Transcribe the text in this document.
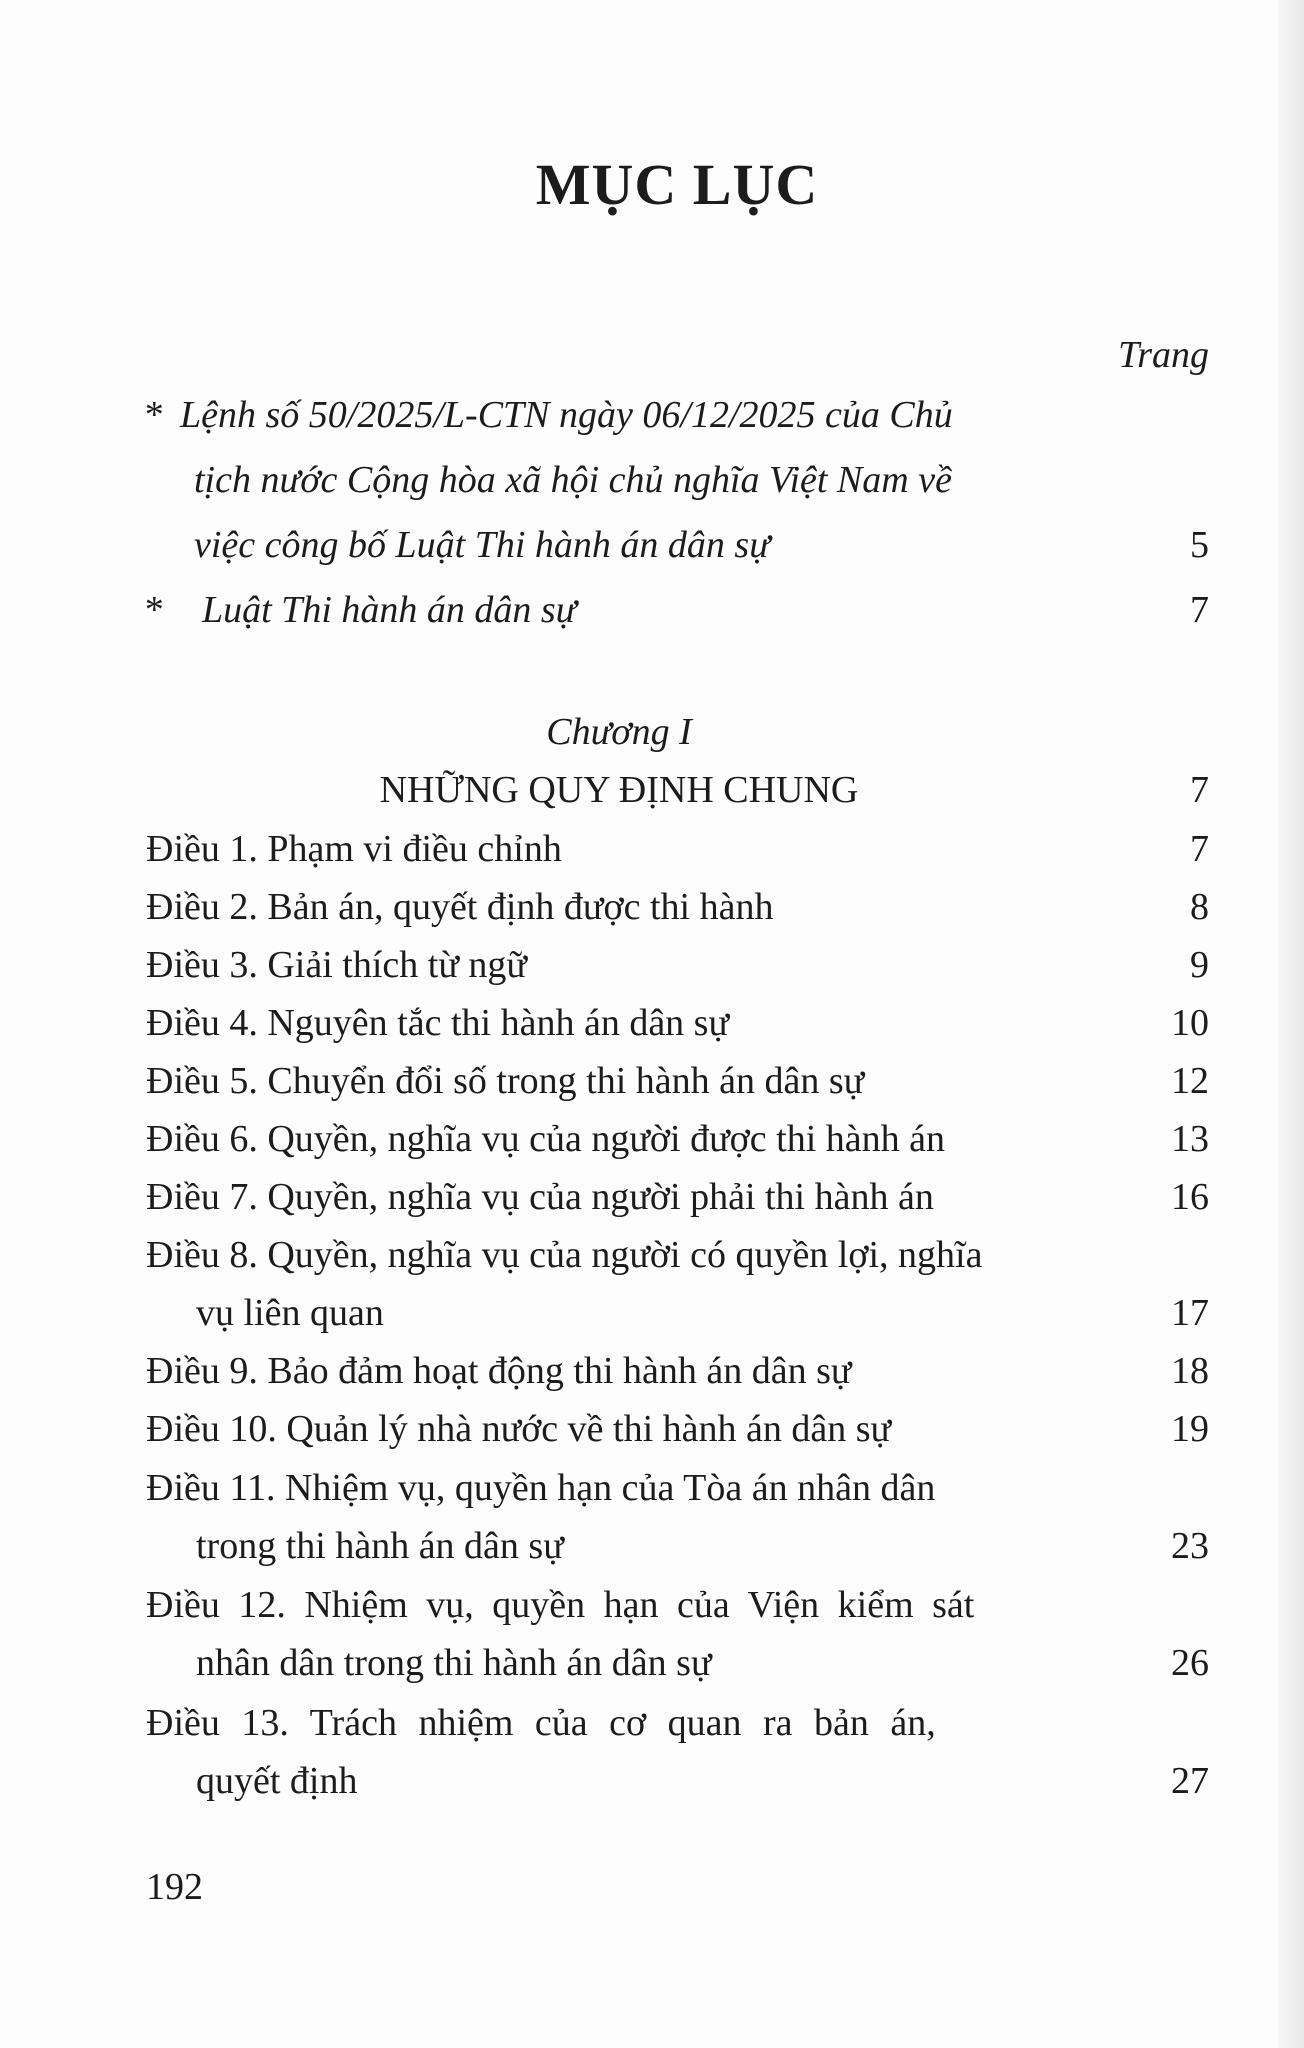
MỤC LỤC
Trang
* Lệnh số 50/2025/L-CTN ngày 06/12/2025 của Chủ
tịch nước Cộng hòa xã hội chủ nghĩa Việt Nam về
việc công bố Luật Thi hành án dân sự	5
* Luật Thi hành án dân sự	7
Chương I
NHỮNG QUY ĐỊNH CHUNG	7
Điều 1. Phạm vi điều chỉnh	7
Điều 2. Bản án, quyết định được thi hành	8
Điều 3. Giải thích từ ngữ	9
Điều 4. Nguyên tắc thi hành án dân sự	10
Điều 5. Chuyển đổi số trong thi hành án dân sự	12
Điều 6. Quyền, nghĩa vụ của người được thi hành án	13
Điều 7. Quyền, nghĩa vụ của người phải thi hành án	16
Điều 8. Quyền, nghĩa vụ của người có quyền lợi, nghĩa
vụ liên quan	17
Điều 9. Bảo đảm hoạt động thi hành án dân sự	18
Điều 10. Quản lý nhà nước về thi hành án dân sự	19
Điều 11. Nhiệm vụ, quyền hạn của Tòa án nhân dân
trong thi hành án dân sự	23
Điều 12. Nhiệm vụ, quyền hạn của Viện kiểm sát
nhân dân trong thi hành án dân sự	26
Điều 13. Trách nhiệm của cơ quan ra bản án,
quyết định	27
192
